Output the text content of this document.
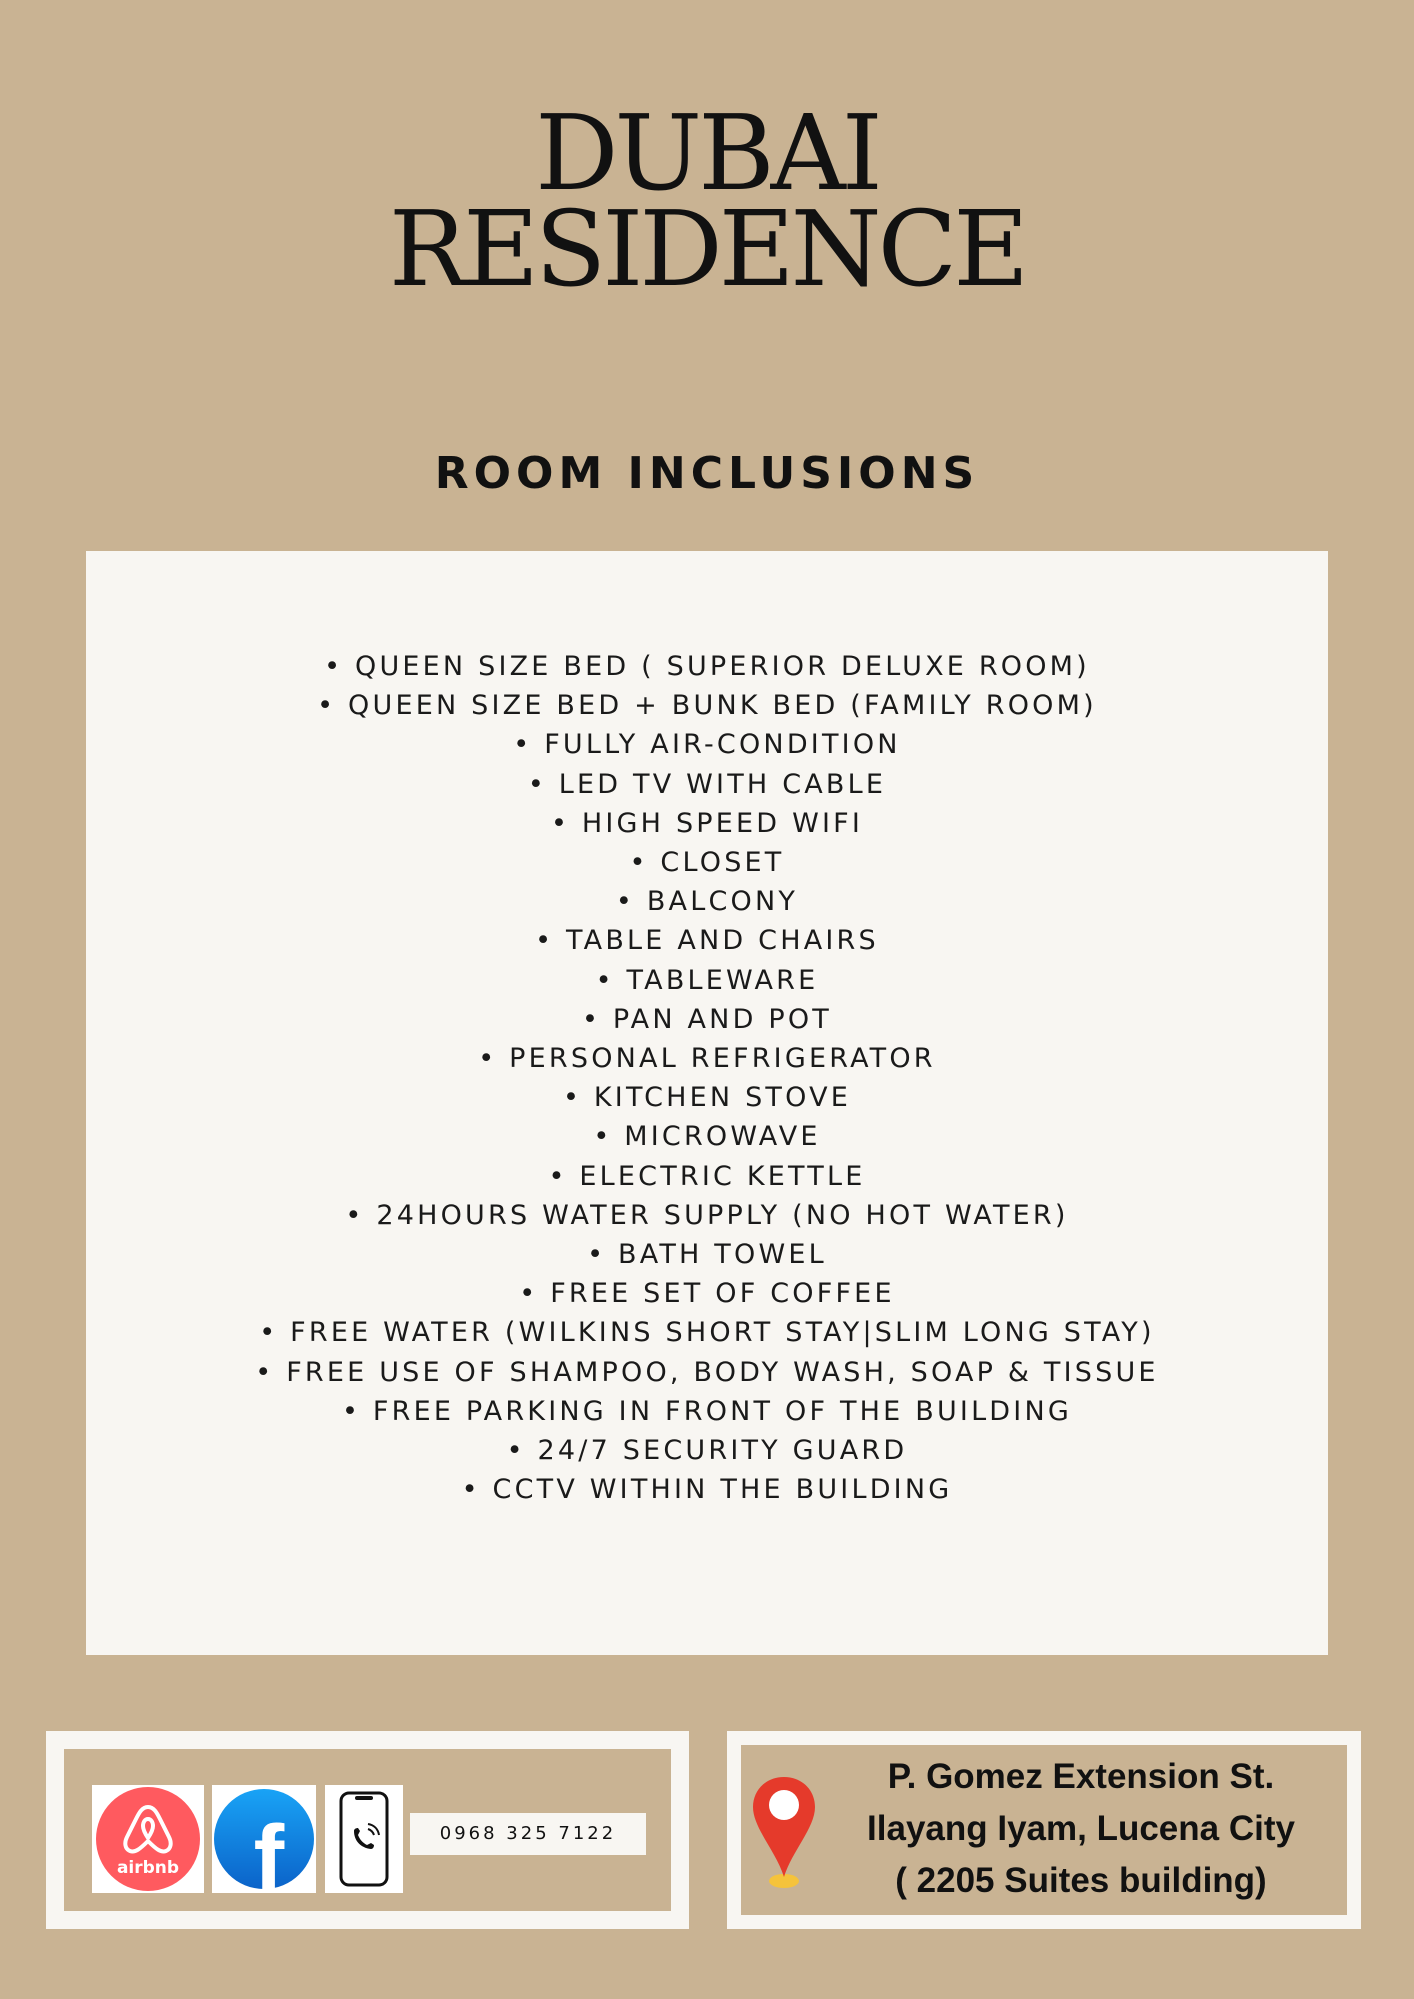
DUBAI
RESIDENCE
ROOM INCLUSIONS
• QUEEN SIZE BED ( SUPERIOR DELUXE ROOM)
• QUEEN SIZE BED + BUNK BED (FAMILY ROOM)
• FULLY AIR-CONDITION
• LED TV WITH CABLE
• HIGH SPEED WIFI
• CLOSET
• BALCONY
• TABLE AND CHAIRS
• TABLEWARE
• PAN AND POT
• PERSONAL REFRIGERATOR
• KITCHEN STOVE
• MICROWAVE
• ELECTRIC KETTLE
• 24HOURS WATER SUPPLY (NO HOT WATER)
• BATH TOWEL
• FREE SET OF COFFEE
• FREE WATER (WILKINS SHORT STAY|SLIM LONG STAY)
• FREE USE OF SHAMPOO, BODY WASH, SOAP & TISSUE
• FREE PARKING IN FRONT OF THE BUILDING
• 24/7 SECURITY GUARD
• CCTV WITHIN THE BUILDING
airbnb f	0968 325 7122
P. Gomez Extension St.
Ilayang Iyam, Lucena City
( 2205 Suites building)
